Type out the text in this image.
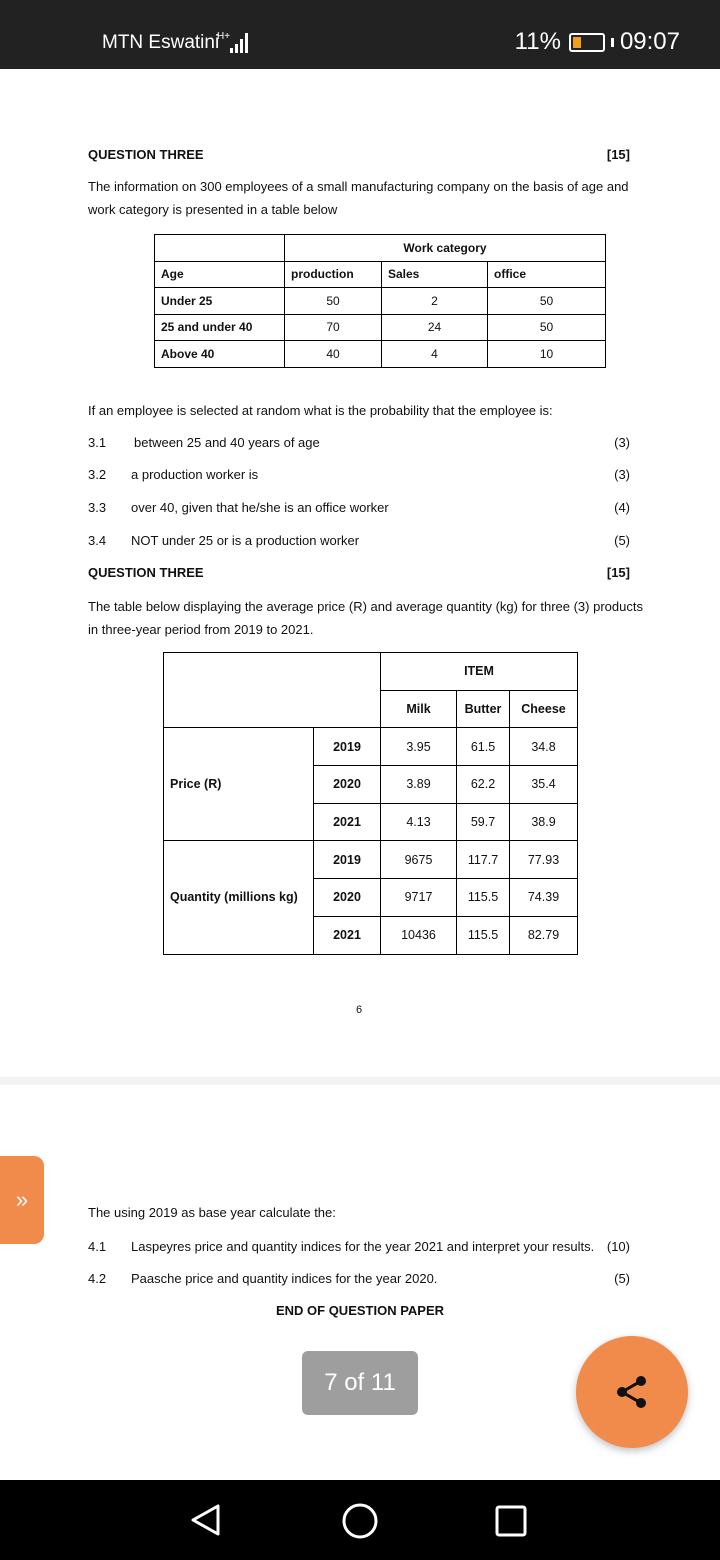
MTN Eswatini
H+	11% 09:07
QUESTION THREE	[15]
The information on 300 employees of a small manufacturing company on the basis of age and work category is presented in a table below
	Work category		
Age	production	Sales	office
Under 25	50	2	50
25 and under 40	70	24	50
Above 40	40	4	10
If an employee is selected at random what is the probability that the employee is:
3.1 between 25 and 40 years of age	(3)
3.2 a production worker is	(3)
3.3 over 40, given that he/she is an office worker	(4)
3.4 NOT under 25 or is a production worker	(5)
QUESTION THREE	[15]
The table below displaying the average price (R) and average quantity (kg) for three (3) products in three-year period from 2019 to 2021.
		ITEM		
		Milk	Butter	Cheese
Price (R)	2019	3.95	61.5	34.8
	2020	3.89	62.2	35.4
	2021	4.13	59.7	38.9
Quantity (millions kg)	2019	9675	117.7	77.93
	2020	9717	115.5	74.39
	2021	10436	115.5	82.79
6
The using 2019 as base year calculate the:
4.1 Laspeyres price and quantity indices for the year 2021 and interpret your results. (10)
4.2 Paasche price and quantity indices for the year 2020.	(5)
END OF QUESTION PAPER
»
7 of 11
